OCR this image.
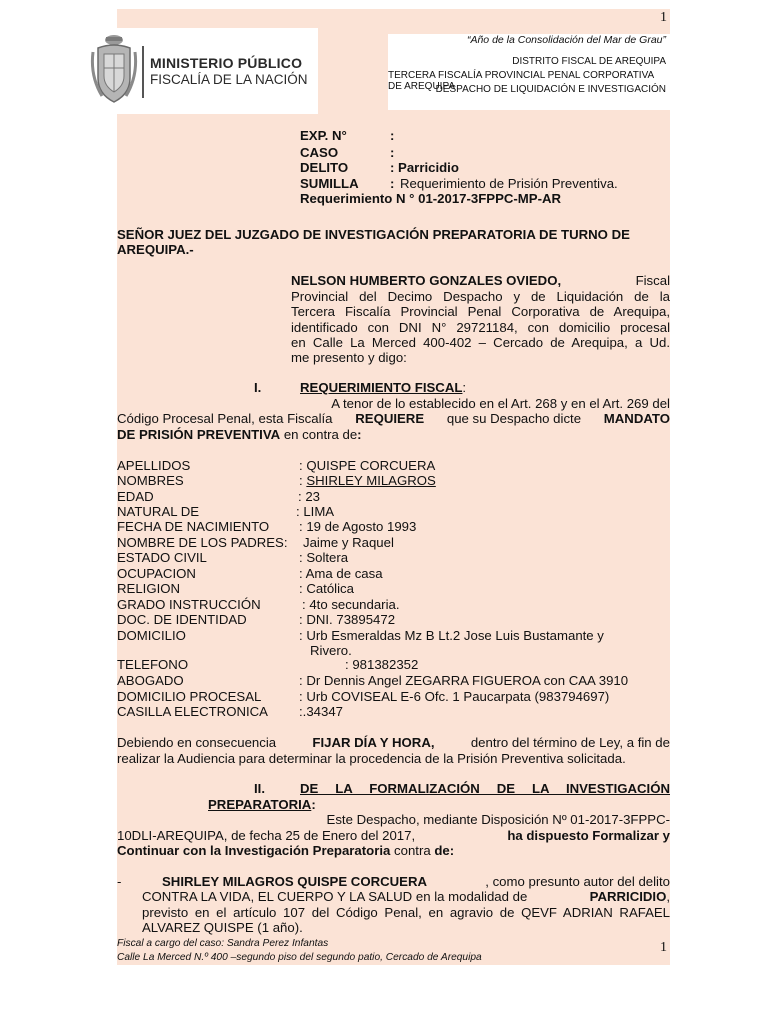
1
MINISTERIO PÚBLICO
FISCALÍA DE LA NACIÓN
“Año de la Consolidación del Mar de Grau”
DISTRITO FISCAL DE AREQUIPA
TERCERA FISCALÍA PROVINCIAL PENAL CORPORATIVA DE AREQUIPA
DESPACHO DE LIQUIDACIÓN E INVESTIGACIÓN
EXP. N°	:
CASO	:
DELITO	: Parricidio
SUMILLA : Requerimiento de Prisión Preventiva.
Requerimiento N ° 01-2017-3FPPC-MP-AR
SEÑOR JUEZ DEL JUZGADO DE INVESTIGACIÓN PREPARATORIA DE TURNO DE
AREQUIPA.-
NELSON HUMBERTO GONZALES OVIEDO,	Fiscal
Provincial del Decimo Despacho y de Liquidación de la
Tercera Fiscalía Provincial Penal Corporativa de Arequipa,
identificado con DNI N° 29721184, con domicilio procesal
en Calle La Merced 400-402 – Cercado de Arequipa, a Ud.
me presento y digo:
I.	REQUERIMIENTO FISCAL:
A tenor de lo establecido en el Art. 268 y en el Art. 269 del
Código Procesal Penal, esta Fiscalía REQUIERE que su Despacho dicte MANDATO
DE PRISIÓN PREVENTIVA en contra de:
APELLIDOS	: QUISPE CORCUERA
NOMBRES	: SHIRLEY MILAGROS
EDAD	: 23
NATURAL DE	: LIMA
FECHA DE NACIMIENTO : 19 de Agosto 1993
NOMBRE DE LOS PADRES: Jaime y Raquel
ESTADO CIVIL	: Soltera
OCUPACION	: Ama de casa
RELIGION	: Católica
GRADO INSTRUCCIÓN	: 4to secundaria.
DOC. DE IDENTIDAD	: DNI. 73895472
DOMICILIO	: Urb Esmeraldas Mz B Lt.2 Jose Luis Bustamante y
Rivero.
TELEFONO	: 981382352
ABOGADO	: Dr Dennis Angel ZEGARRA FIGUEROA con CAA 3910
DOMICILIO PROCESAL	: Urb COVISEAL E-6 Ofc. 1 Paucarpata (983794697)
CASILLA ELECTRONICA :.34347
Debiendo en consecuencia	FIJAR DÍA Y HORA,	dentro del término de Ley, a fin de
realizar la Audiencia para determinar la procedencia de la Prisión Preventiva solicitada.
II.	DE LA FORMALIZACIÓN DE LA INVESTIGACIÓN
PREPARATORIA:
Este Despacho, mediante Disposición Nº 01-2017-3FPPC-
10DLI-AREQUIPA, de fecha 25 de Enero del 2017,	ha dispuesto Formalizar y
Continuar con la Investigación Preparatoria contra de:
-	SHIRLEY MILAGROS QUISPE CORCUERA	, como presunto autor del delito
CONTRA LA VIDA, EL CUERPO Y LA SALUD en la modalidad de	PARRICIDIO,
previsto en el artículo 107 del Código Penal, en agravio de QEVF ADRIAN RAFAEL
ALVAREZ QUISPE (1 año).
Fiscal a cargo del caso: Sandra Perez Infantas
Calle La Merced N.º 400 –segundo piso del segundo patio, Cercado de Arequipa
1
